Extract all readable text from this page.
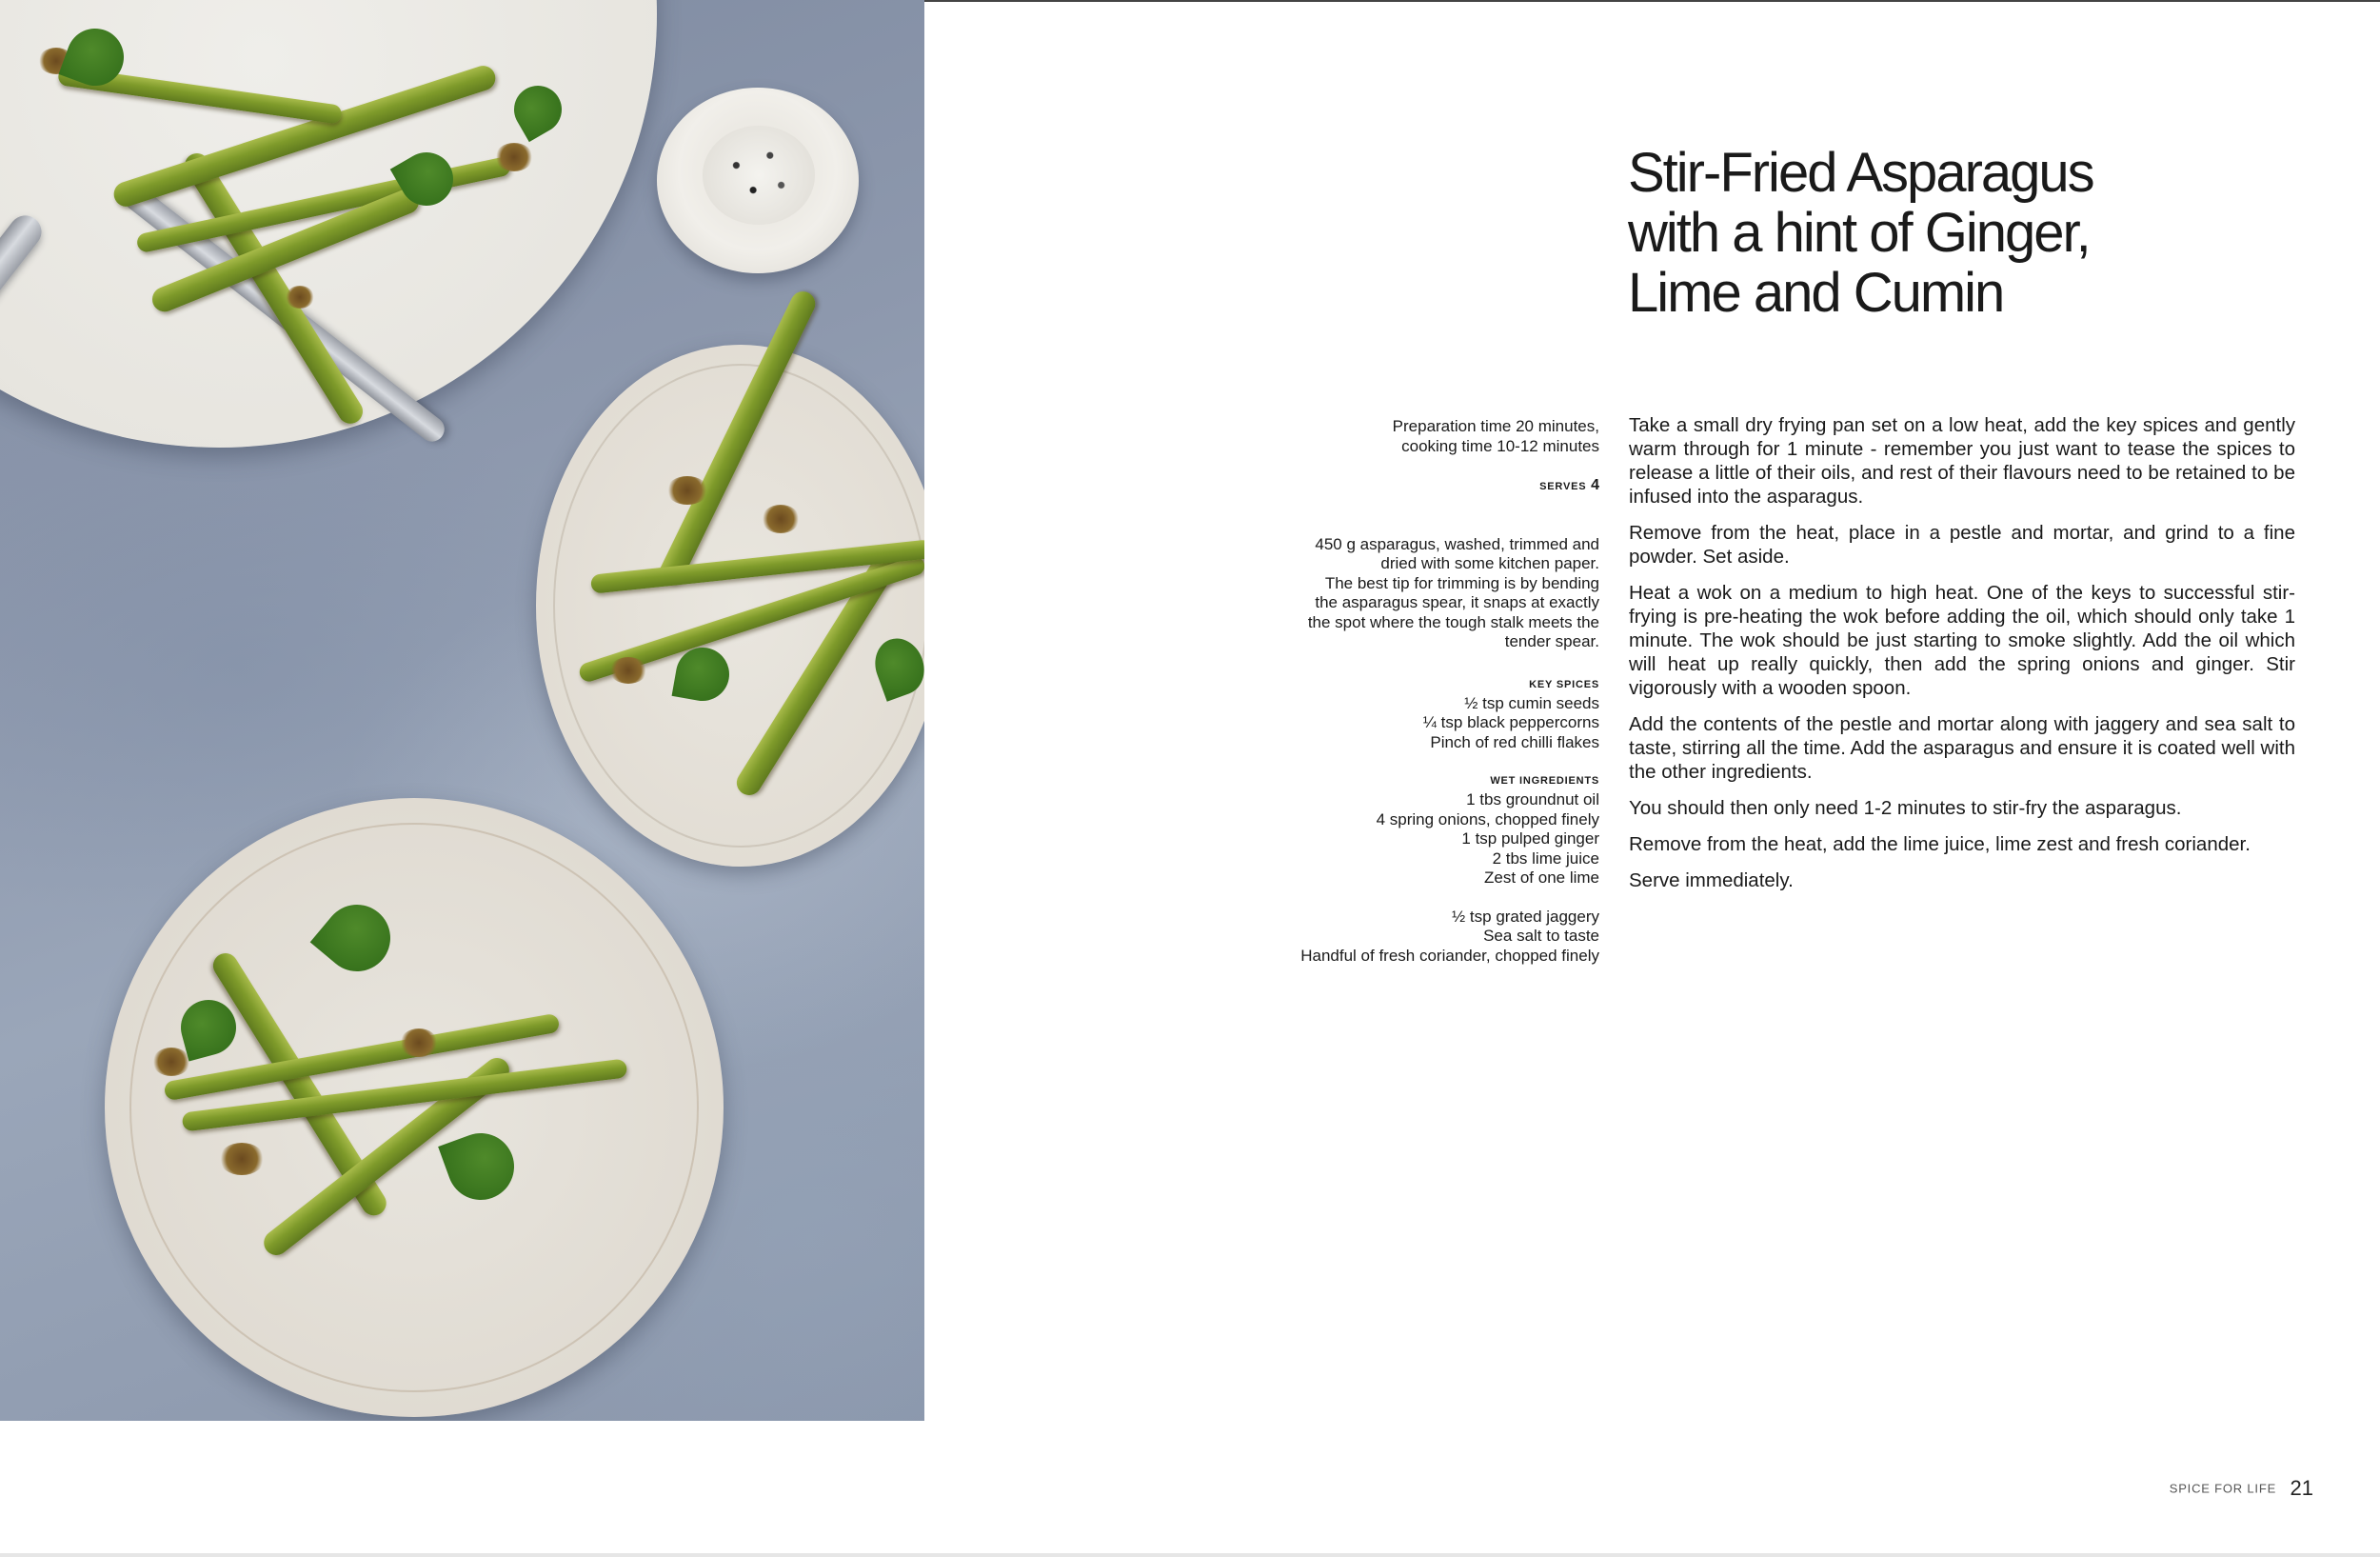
Stir-Fried Asparagus
with a hint of Ginger,
Lime and Cumin
Preparation time 20 minutes,
cooking time 10-12 minutes
SERVES 4
450 g asparagus, washed, trimmed and
dried with some kitchen paper.
The best tip for trimming is by bending
the asparagus spear, it snaps at exactly
the spot where the tough stalk meets the
tender spear.
KEY SPICES
½ tsp cumin seeds
¼ tsp black peppercorns
Pinch of red chilli flakes
WET INGREDIENTS
1 tbs groundnut oil
4 spring onions, chopped finely
1 tsp pulped ginger
2 tbs lime juice
Zest of one lime
½ tsp grated jaggery
Sea salt to taste
Handful of fresh coriander, chopped finely

Take a small dry frying pan set on a low heat, add the key spices and gently warm through for 1 minute - remember you just want to tease the spices to release a little of their oils, and rest of their flavours need to be retained to be infused into the asparagus.

Remove from the heat, place in a pestle and mortar, and grind to a fine powder. Set aside.

Heat a wok on a medium to high heat. One of the keys to successful stir-frying is pre-heating the wok before adding the oil, which should only take 1 minute. The wok should be just starting to smoke slightly. Add the oil which will heat up really quickly, then add the spring onions and ginger. Stir vigorously with a wooden spoon.

Add the contents of the pestle and mortar along with jaggery and sea salt to taste, stirring all the time. Add the asparagus and ensure it is coated well with the other ingredients.

You should then only need 1-2 minutes to stir-fry the asparagus.

Remove from the heat, add the lime juice, lime zest and fresh coriander.

Serve immediately.

SPICE FOR LIFE 21
